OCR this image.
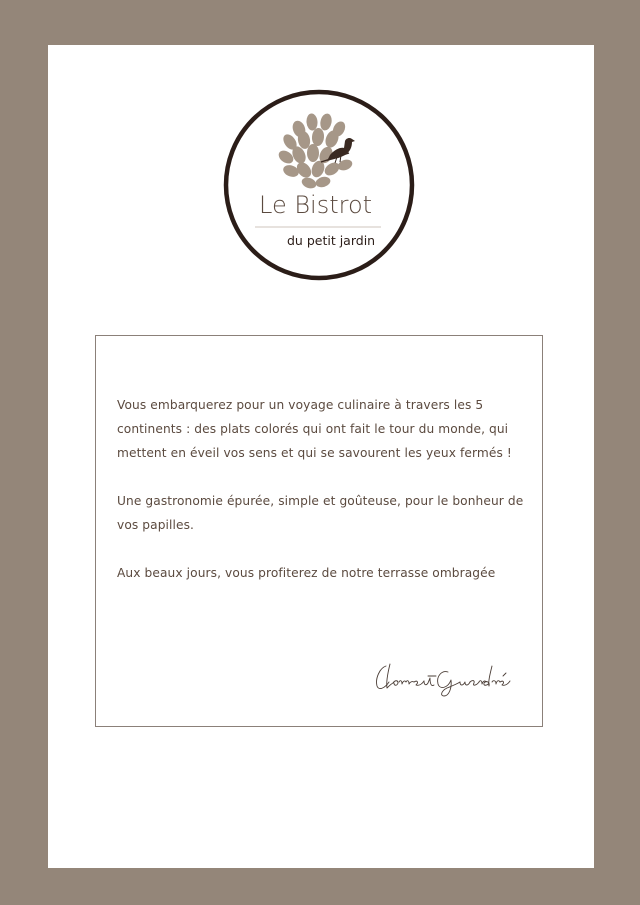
Le Bistrot
du petit jardin

Vous embarquerez pour un voyage culinaire à travers les 5 continents : des plats colorés qui ont fait le tour du monde, qui mettent en éveil vos sens et qui se savourent les yeux fermés !

Une gastronomie épurée, simple et goûteuse, pour le bonheur de vos papilles.

Aux beaux jours, vous profiterez de notre terrasse ombragée
